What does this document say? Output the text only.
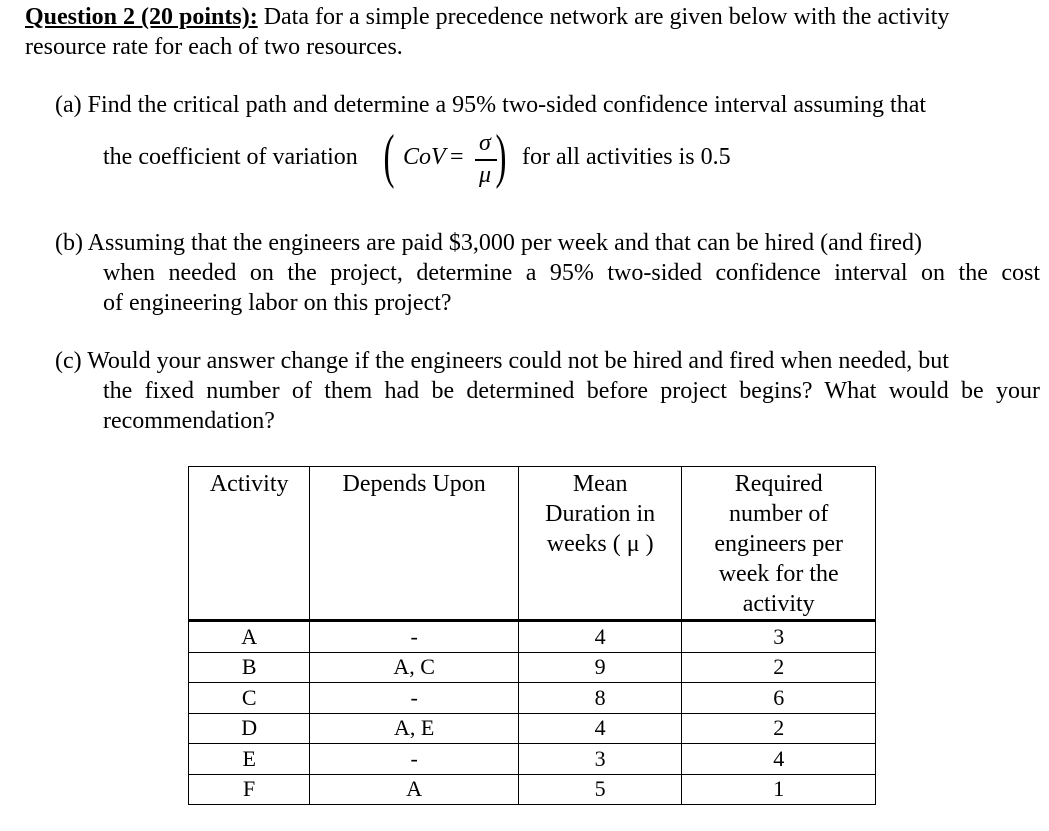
Question 2 (20 points): Data for a simple precedence network are given below with the activity
resource rate for each of two resources.
(a) Find the critical path and determine a 95% two-sided confidence interval assuming that
the coefficient of variation ( CoV =
σ
μ ) for all activities is 0.5
(b) Assuming that the engineers are paid $3,000 per week and that can be hired (and fired)
when needed on the project, determine a 95% two-sided confidence interval on the cost
of engineering labor on this project?
(c) Would your answer change if the engineers could not be hired and fired when needed, but
the fixed number of them had be determined before project begins? What would be your
recommendation?
Activity	Depends Upon	Mean
Duration in
weeks ( μ )	Required
number of
engineers per
week for the
activity

A	-	4	3
B	A, C	9	2
C	-	8	6
D	A, E	4	2
E	-	3	4
F	A	5	1
